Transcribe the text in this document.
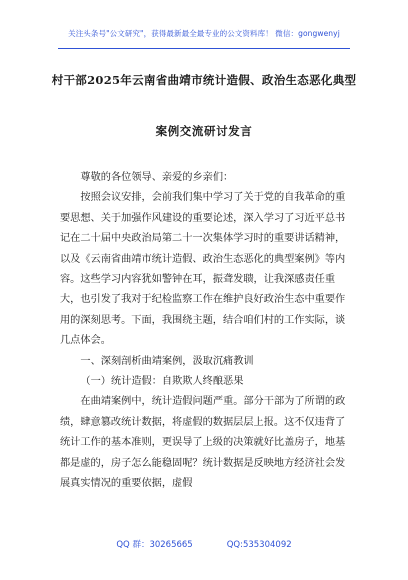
关注头条号"公文研究"，获得最新最全最专业的公文资料库！ 微信：gongwenyj
村干部2025年云南省曲靖市统计造假、政治生态恶化典型
案例交流研讨发言

尊敬的各位领导、亲爱的乡亲们：

按照会议安排，会前我们集中学习了关于党的自我革命的重要思想、关于加强作风建设的重要论述，深入学习了习近平总书记在二十届中央政治局第二十一次集体学习时的重要讲话精神，以及《云南省曲靖市统计造假、政治生态恶化的典型案例》等内容。这些学习内容犹如警钟在耳，振聋发聩，让我深感责任重大，也引发了我对于纪检监察工作在维护良好政治生态中重要作用的深刻思考。下面，我围绕主题，结合咱们村的工作实际，谈几点体会。

一、深刻剖析曲靖案例，汲取沉痛教训

（一）统计造假：自欺欺人终酿恶果

在曲靖案例中，统计造假问题严重。部分干部为了所谓的政绩，肆意篡改统计数据，将虚假的数据层层上报。这不仅违背了统计工作的基本准则，更误导了上级的决策就好比盖房子，地基都是虚的，房子怎么能稳固呢？统计数据是反映地方经济社会发展真实情况的重要依据，虚假

QQ 群：30265665	QQ:535304092
